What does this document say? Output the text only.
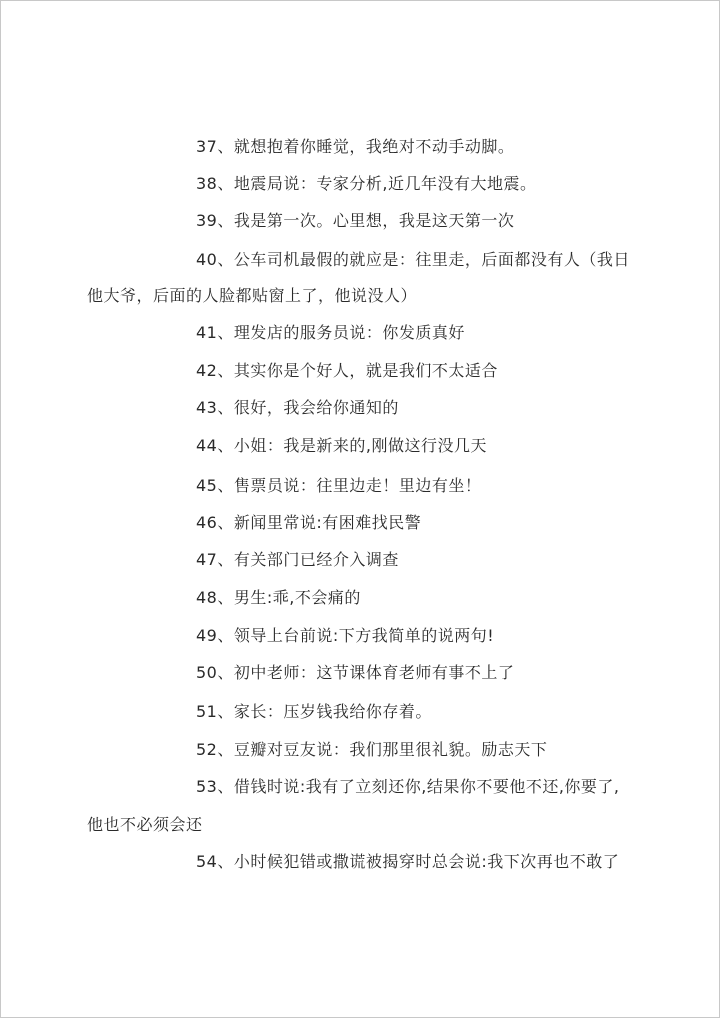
37、就想抱着你睡觉，我绝对不动手动脚。
38、地震局说：专家分析,近几年没有大地震。
39、我是第一次。心里想，我是这天第一次
40、公车司机最假的就应是：往里走，后面都没有人（我日
他大爷，后面的人脸都贴窗上了，他说没人）
41、理发店的服务员说：你发质真好
42、其实你是个好人，就是我们不太适合
43、很好，我会给你通知的
44、小姐：我是新来的,刚做这行没几天
45、售票员说：往里边走！里边有坐！
46、新闻里常说:有困难找民警
47、有关部门已经介入调查
48、男生:乖,不会痛的
49、领导上台前说:下方我简单的说两句!
50、初中老师：这节课体育老师有事不上了
51、家长：压岁钱我给你存着。
52、豆瓣对豆友说：我们那里很礼貌。励志天下
53、借钱时说:我有了立刻还你,结果你不要他不还,你要了,
他也不必须会还
54、小时候犯错或撒谎被揭穿时总会说:我下次再也不敢了
